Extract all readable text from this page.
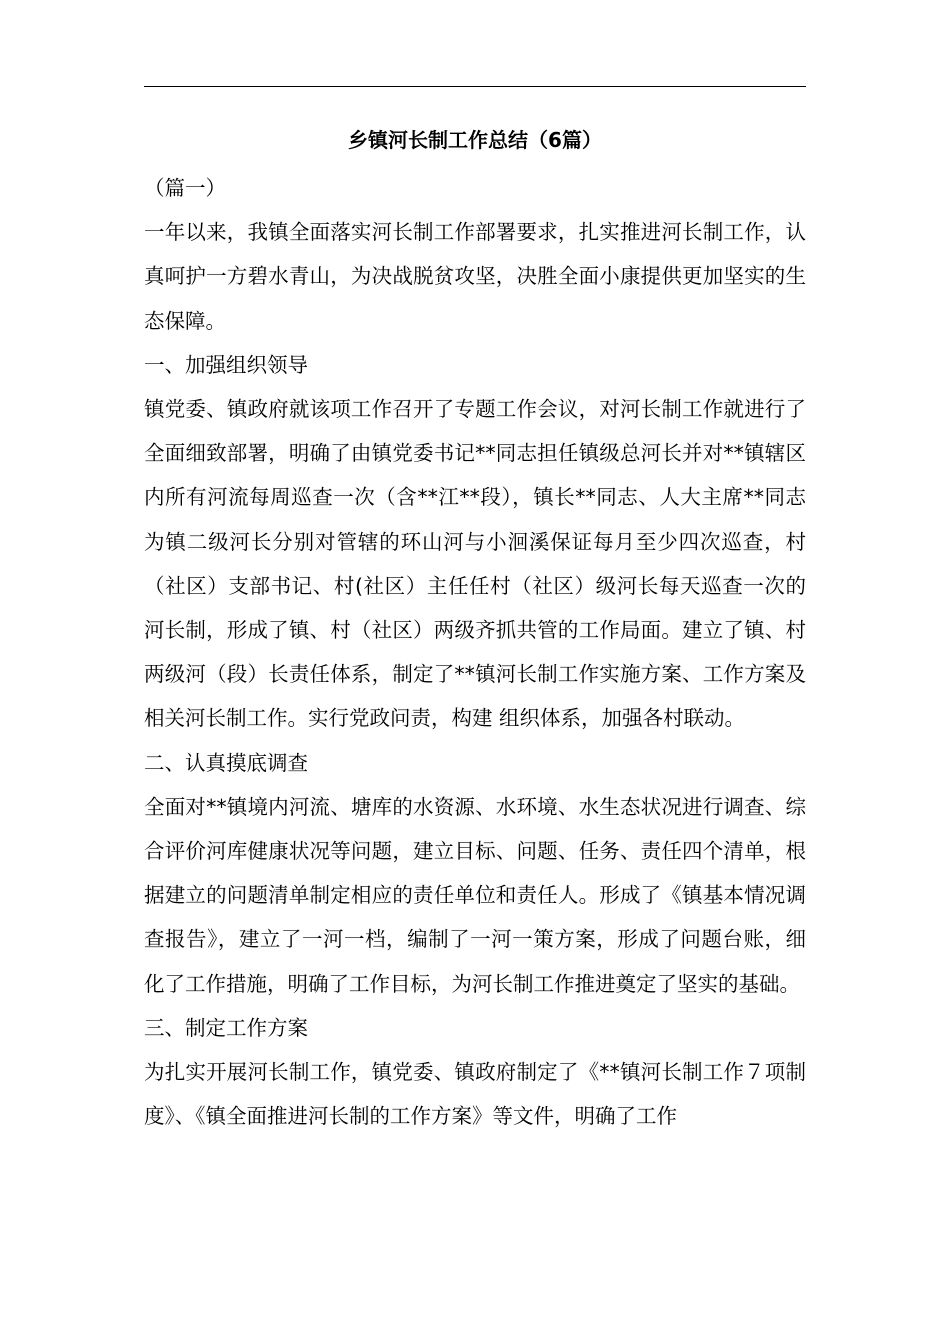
乡镇河长制工作总结（6篇）

（篇一）

一年以来，我镇全面落实河长制工作部署要求，扎实推进河长制工作，认真呵护一方碧水青山，为决战脱贫攻坚，决胜全面小康提供更加坚实的生态保障。

一、加强组织领导

镇党委、镇政府就该项工作召开了专题工作会议，对河长制工作就进行了全面细致部署，明确了由镇党委书记**同志担任镇级总河长并对**镇辖区内所有河流每周巡查一次（含**江**段），镇长**同志、人大主席**同志为镇二级河长分别对管辖的环山河与小洄溪保证每月至少四次巡查，村（社区）支部书记、村(社区）主任任村（社区）级河长每天巡查一次的河长制，形成了镇、村（社区）两级齐抓共管的工作局面。建立了镇、村两级河（段）长责任体系，制定了**镇河长制工作实施方案、工作方案及相关河长制工作。实行党政问责，构建 组织体系，加强各村联动。

二、认真摸底调查

全面对**镇境内河流、塘库的水资源、水环境、水生态状况进行调查、综合评价河库健康状况等问题，建立目标、问题、任务、责任四个清单，根据建立的问题清单制定相应的责任单位和责任人。形成了《镇基本情况调查报告》，建立了一河一档，编制了一河一策方案，形成了问题台账，细化了工作措施，明确了工作目标，为河长制工作推进奠定了坚实的基础。

三、制定工作方案

为扎实开展河长制工作，镇党委、镇政府制定了《**镇河长制工作７项制度》、《镇全面推进河长制的工作方案》等文件，明确了工作
